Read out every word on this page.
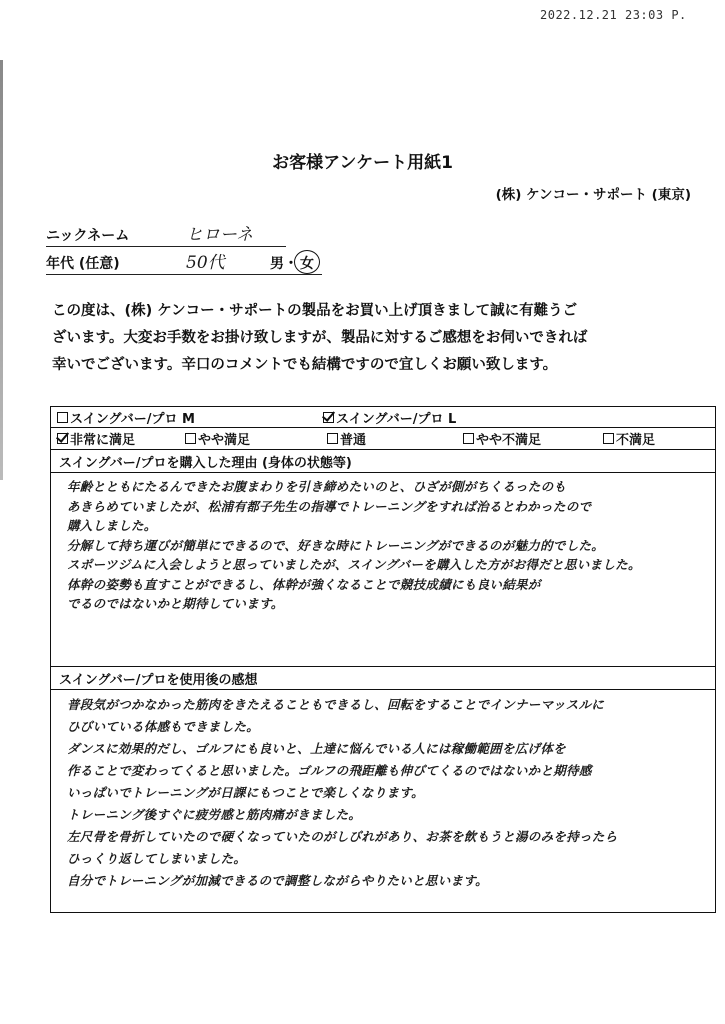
2022.12.21 23:03 P.
お客様アンケート用紙1
(株) ケンコー・サポート (東京)
ニックネーム	ヒローネ
年代 (任意)	50代	男 ・ 女
この度は、(株) ケンコー・サポートの製品をお買い上げ頂きまして誠に有難うご
ざいます。大変お手数をお掛け致しますが、製品に対するご感想をお伺いできれば
幸いでございます。辛口のコメントでも結構ですので宜しくお願い致します。
スイングバー/プロ M	スイングバー/プロ L
非常に満足	やや満足	普通	やや不満足	不満足
スイングバー/プロを購入した理由 (身体の状態等)
年齢とともにたるんできたお腹まわりを引き締めたいのと、ひざが側がちくるったのも
あきらめていましたが、松浦有都子先生の指導でトレーニングをすれば治るとわかったので
購入しました。
分解して持ち運びが簡単にできるので、好きな時にトレーニングができるのが魅力的でした。
スポーツジムに入会しようと思っていましたが、スイングバーを購入した方がお得だと思いました。
体幹の姿勢も直すことができるし、体幹が強くなることで競技成績にも良い結果が
でるのではないかと期待しています。
スイングバー/プロを使用後の感想
普段気がつかなかった筋肉をきたえることもできるし、回転をすることでインナーマッスルに
ひびいている体感もできました。
ダンスに効果的だし、ゴルフにも良いと、上達に悩んでいる人には稼働範囲を広げ体を
作ることで変わってくると思いました。ゴルフの飛距離も伸びてくるのではないかと期待感
いっぱいでトレーニングが日課にもつことで楽しくなります。
トレーニング後すぐに疲労感と筋肉痛がきました。
左尺骨を骨折していたので硬くなっていたのがしびれがあり、お茶を飲もうと湯のみを持ったら
ひっくり返してしまいました。
自分でトレーニングが加減できるので調整しながらやりたいと思います。
